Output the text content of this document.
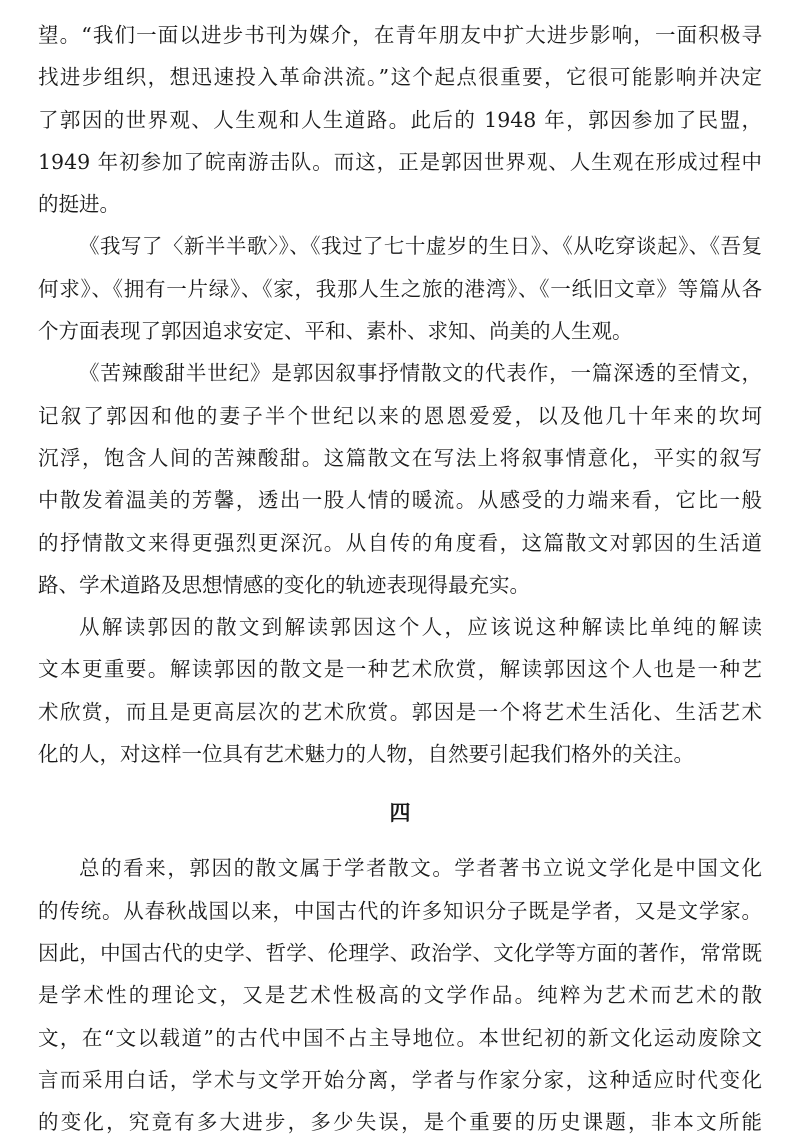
望。“我们一面以进步书刊为媒介，在青年朋友中扩大进步影响，一面积极寻
找进步组织，想迅速投入革命洪流。”这个起点很重要，它很可能影响并决定
了郭因的世界观、人生观和人生道路。此后的 1948 年，郭因参加了民盟，
1949 年初参加了皖南游击队。而这，正是郭因世界观、人生观在形成过程中
的挺进。
《我写了〈新半半歌〉》、《我过了七十虚岁的生日》、《从吃穿谈起》、《吾复
何求》、《拥有一片绿》、《家，我那人生之旅的港湾》、《一纸旧文章》等篇从各
个方面表现了郭因追求安定、平和、素朴、求知、尚美的人生观。
《苦辣酸甜半世纪》是郭因叙事抒情散文的代表作，一篇深透的至情文，
记叙了郭因和他的妻子半个世纪以来的恩恩爱爱，以及他几十年来的坎坷
沉浮，饱含人间的苦辣酸甜。这篇散文在写法上将叙事情意化，平实的叙写
中散发着温美的芳馨，透出一股人情的暖流。从感受的力端来看，它比一般
的抒情散文来得更强烈更深沉。从自传的角度看，这篇散文对郭因的生活道
路、学术道路及思想情感的变化的轨迹表现得最充实。
从解读郭因的散文到解读郭因这个人，应该说这种解读比单纯的解读
文本更重要。解读郭因的散文是一种艺术欣赏，解读郭因这个人也是一种艺
术欣赏，而且是更高层次的艺术欣赏。郭因是一个将艺术生活化、生活艺术
化的人，对这样一位具有艺术魅力的人物，自然要引起我们格外的关注。
四
总的看来，郭因的散文属于学者散文。学者著书立说文学化是中国文化
的传统。从春秋战国以来，中国古代的许多知识分子既是学者，又是文学家。
因此，中国古代的史学、哲学、伦理学、政治学、文化学等方面的著作，常常既
是学术性的理论文，又是艺术性极高的文学作品。纯粹为艺术而艺术的散
文，在“文以载道”的古代中国不占主导地位。本世纪初的新文化运动废除文
言而采用白话，学术与文学开始分离，学者与作家分家，这种适应时代变化
的变化，究竟有多大进步，多少失误，是个重要的历史课题，非本文所能
